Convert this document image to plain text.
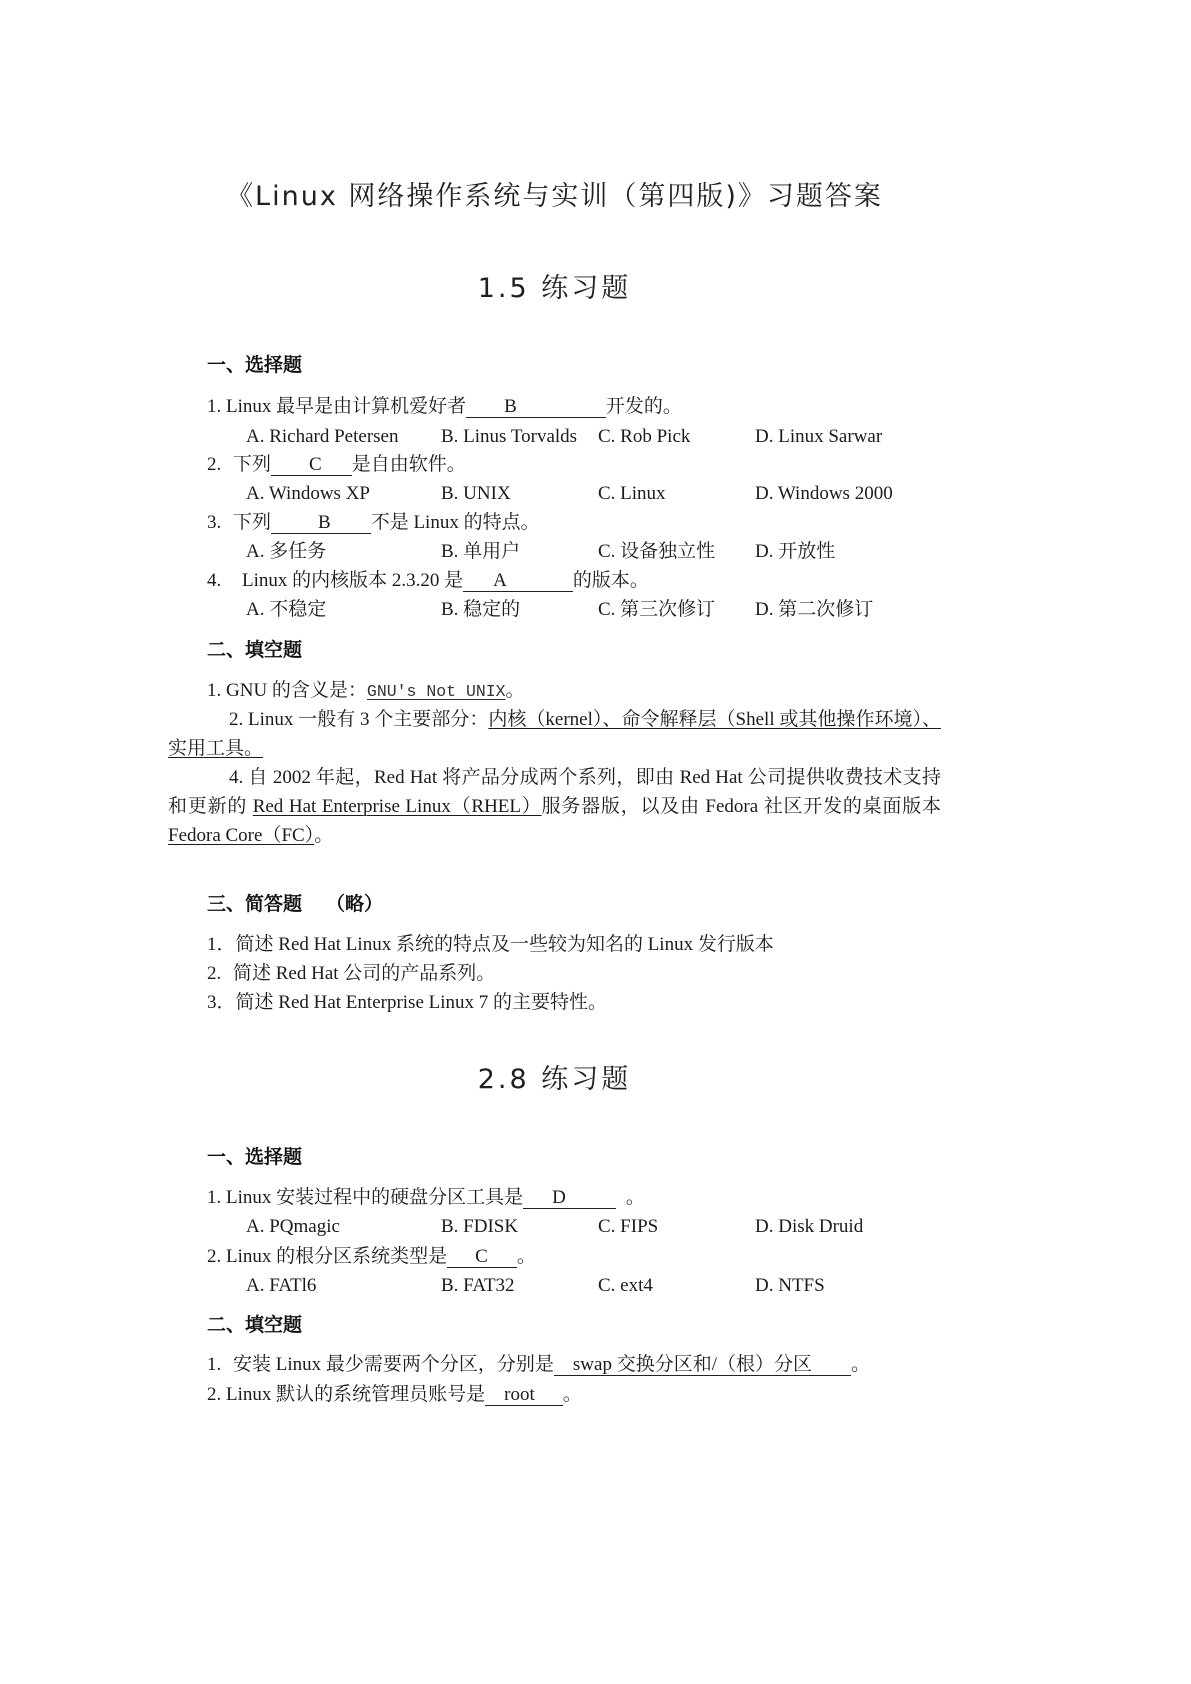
《Linux 网络操作系统与实训（第四版)》习题答案
1.5 练习题
一、选择题
1. Linux 最早是由计算机爱好者 B	开发的。
A. Richard Petersen B. Linus Torvalds C. Rob Pick	D. Linux Sarwar
2. 下列 C 是自由软件。
A. Windows XP	B. UNIX	C. Linux	D. Windows 2000
3. 下列 B 不是 Linux 的特点。
A. 多任务	B. 单用户	C. 设备独立性 D. 开放性
4. Linux 的内核版本 2.3.20 是 A	的版本。
A. 不稳定	B. 稳定的	C. 第三次修订 D. 第二次修订
二、填空题
1. GNU 的含义是：GNU's Not UNIX。
2. Linux 一般有 3 个主要部分：内核（kernel）、命令解释层（Shell 或其他操作环境）、
实用工具。
4. 自 2002 年起，Red Hat 将产品分成两个系列，即由 Red Hat 公司提供收费技术支持
和更新的 Red Hat Enterprise Linux（RHEL）服务器版，以及由 Fedora 社区开发的桌面版本
Fedora Core（FC）。
三、简答题 （略）
1．简述 Red Hat Linux 系统的特点及一些较为知名的 Linux 发行版本
2. 简述 Red Hat 公司的产品系列。
3．简述 Red Hat Enterprise Linux 7 的主要特性。
2.8 练习题
一、选择题
1. Linux 安装过程中的硬盘分区工具是 D	。
A. PQmagic	B. FDISK	C. FIPS	D. Disk Druid
2. Linux 的根分区系统类型是 C 。
A. FATl6	B. FAT32	C. ext4	D. NTFS
二、填空题
1. 安装 Linux 最少需要两个分区，分别是 swap 交换分区和/（根）分区 。
2. Linux 默认的系统管理员账号是 root 。
